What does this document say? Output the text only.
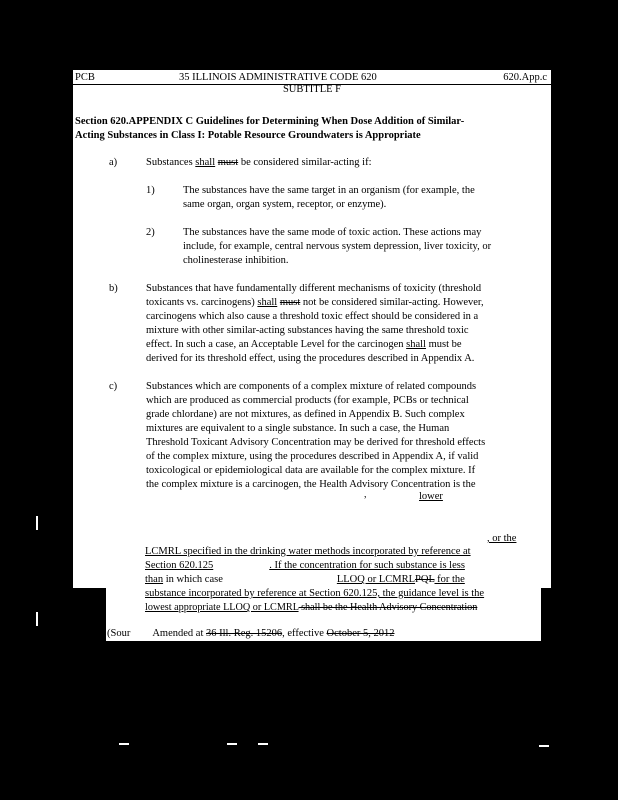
PCB	35 ILLINOIS ADMINISTRATIVE CODE 620	620.App.c
SUBTITLE F
Section 620.APPENDIX C Guidelines for Determining When Dose Addition of Similar-
Acting Substances in Class I: Potable Resource Groundwaters is Appropriate
a)	Substances shall must be considered similar-acting if:
1)	The substances have the same target in an organism (for example, the
same organ, organ system, receptor, or enzyme).
2)	The substances have the same mode of toxic action. These actions may
include, for example, central nervous system depression, liver toxicity, or
cholinesterase inhibition.
b)	Substances that have fundamentally different mechanisms of toxicity (threshold
toxicants vs. carcinogens) shall must not be considered similar-acting. However,
carcinogens which also cause a threshold toxic effect should be considered in a
mixture with other similar-acting substances having the same threshold toxic
effect. In such a case, an Acceptable Level for the carcinogen shall must be
derived for its threshold effect, using the procedures described in Appendix A.
c)	Substances which are components of a complex mixture of related compounds
which are produced as commercial products (for example, PCBs or technical
grade chlordane) are not mixtures, as defined in Appendix B. Such complex
mixtures are equivalent to a single substance. In such a case, the Human
Threshold Toxicant Advisory Concentration may be derived for threshold effects
of the complex mixture, using the procedures described in Appendix A, if valid
toxicological or epidemiological data are available for the complex mixture. If
the complex mixture is a carcinogen, the Health Advisory Concentration is the
,	lower
LLOQPQL
s	/	,
, or the
LCMRL specified in the drinking water methods incorporated by reference at
Section 620.125	. If the concentration for such substance is less
than in which case	LLOQ or LCMRLPQL for the
substance incorporated by reference at Section 620.125, the guidance level is the
lowest appropriate LLOQ or LCMRL shall be the Health Advisory Concentration
(Sour Amended at 36 Ill. Reg. 15206, effective October 5, 2012
